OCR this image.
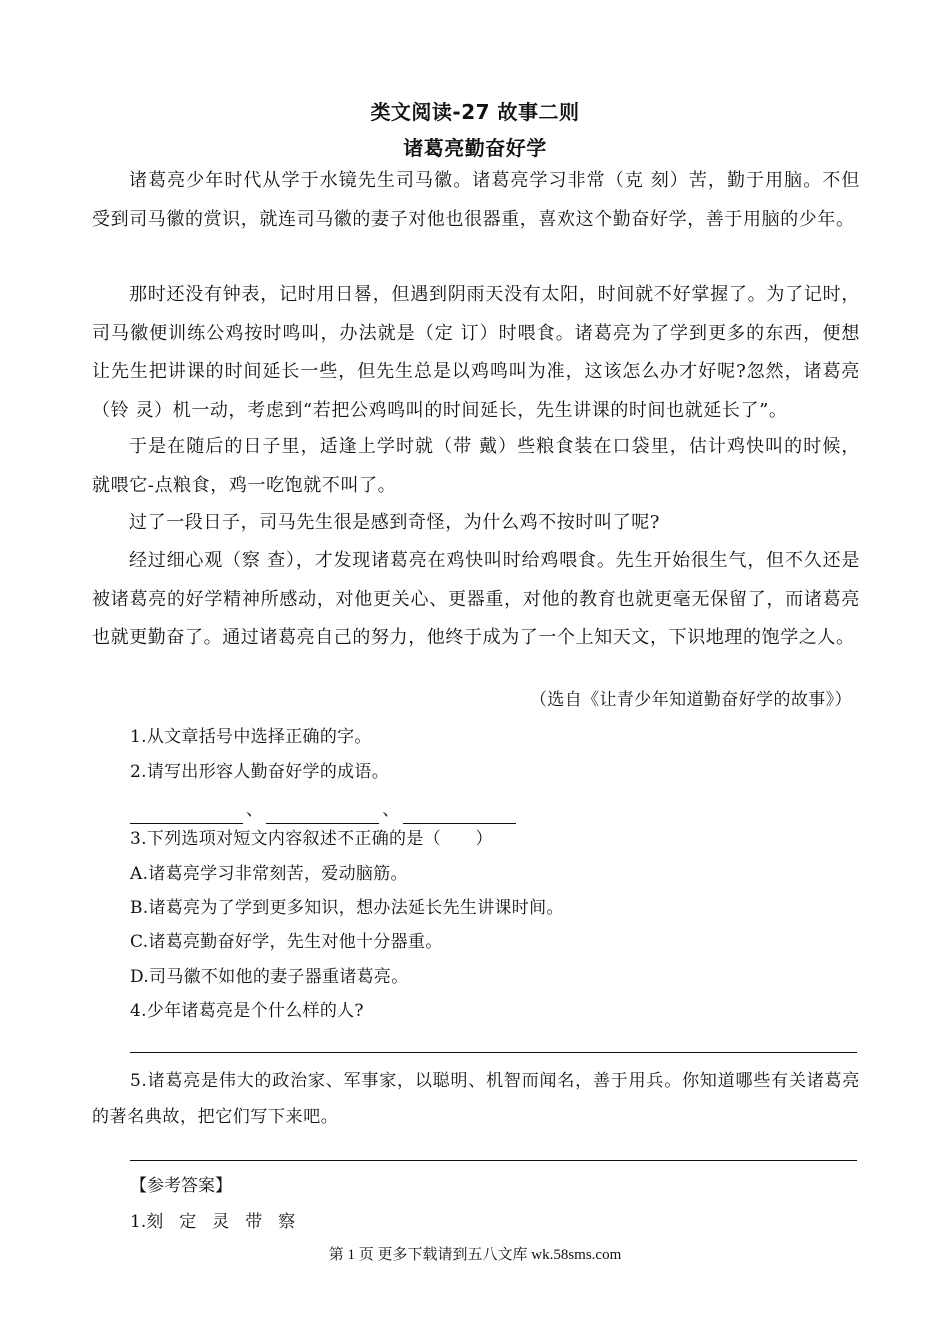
类文阅读-27 故事二则
诸葛亮勤奋好学
诸葛亮少年时代从学于水镜先生司马徽。诸葛亮学习非常（克 刻）苦，勤于用脑。不但受到司马徽的赏识，就连司马徽的妻子对他也很器重，喜欢这个勤奋好学，善于用脑的少年。
那时还没有钟表，记时用日晷，但遇到阴雨天没有太阳，时间就不好掌握了。为了记时，司马徽便训练公鸡按时鸣叫，办法就是（定 订）时喂食。诸葛亮为了学到更多的东西，便想让先生把讲课的时间延长一些，但先生总是以鸡鸣叫为准，这该怎么办才好呢?忽然，诸葛亮（铃 灵）机一动，考虑到“若把公鸡鸣叫的时间延长，先生讲课的时间也就延长了”。
于是在随后的日子里，适逢上学时就（带 戴）些粮食装在口袋里，估计鸡快叫的时候，就喂它-点粮食，鸡一吃饱就不叫了。
过了一段日子，司马先生很是感到奇怪，为什么鸡不按时叫了呢?
经过细心观（察 查），才发现诸葛亮在鸡快叫时给鸡喂食。先生开始很生气，但不久还是被诸葛亮的好学精神所感动，对他更关心、更器重，对他的教育也就更毫无保留了，而诸葛亮也就更勤奋了。通过诸葛亮自己的努力，他终于成为了一个上知天文，下识地理的饱学之人。
（选自《让青少年知道勤奋好学的故事》）
1.从文章括号中选择正确的字。
2.请写出形容人勤奋好学的成语。
、	、
3.下列选项对短文内容叙述不正确的是（　　）
A.诸葛亮学习非常刻苦，爱动脑筋。
B.诸葛亮为了学到更多知识，想办法延长先生讲课时间。
C.诸葛亮勤奋好学，先生对他十分器重。
D.司马徽不如他的妻子器重诸葛亮。
4.少年诸葛亮是个什么样的人?
5.诸葛亮是伟大的政治家、军事家，以聪明、机智而闻名，善于用兵。你知道哪些有关诸葛亮的著名典故，把它们写下来吧。
【参考答案】
1.刻 定 灵 带 察
第 1 页 更多下载请到五八文库 wk.58sms.com
